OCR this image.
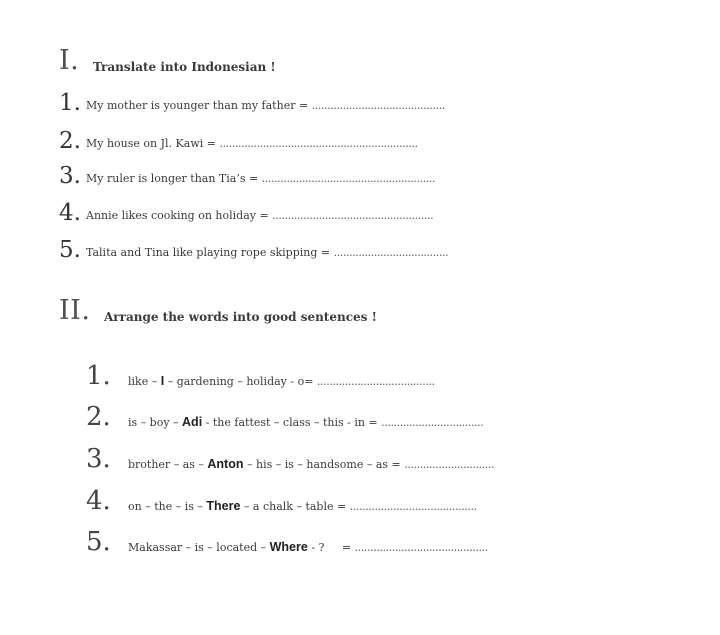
I. Translate into Indonesian !
1. My mother is younger than my father = ...........................................
2. My house on Jl. Kawi = ................................................................
3. My ruler is longer than Tia’s = ........................................................
4. Annie likes cooking on holiday = ....................................................
5. Talita and Tina like playing rope skipping = .....................................
II. Arrange the words into good sentences !
1. like – I – gardening – holiday - o= ......................................
2. is – boy – Adi - the fattest – class – this - in = .................................
3. brother – as – Anton – his – is – handsome – as = .............................
4. on – the – is – There – a chalk – table = .........................................
5. Makassar – is – located – Where - ?     = ...........................................
